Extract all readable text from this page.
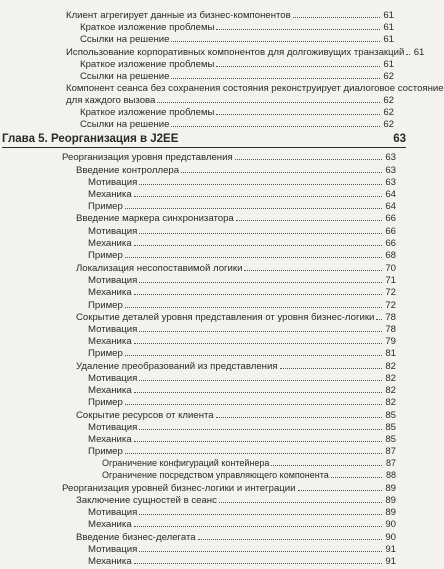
Клиент агрегирует данные из бизнес-компонентов	61
Краткое изложение проблемы	61
Ссылки на решение	61
Использование корпоративных компонентов для долгоживущих транзакций 61
Краткое изложение проблемы	61
Ссылки на решение	62
Компонент сеанса без сохранения состояния реконструирует диалоговое состояние
для каждого вызова	62
Краткое изложение проблемы	62
Ссылки на решение	62
Глава 5. Реорганизация в J2EE	63
Реорганизация уровня представления	63
Введение контроллера	63
Мотивация	63
Механика	64
Пример	64
Введение маркера синхронизатора	66
Мотивация	66
Механика	66
Пример	68
Локализация несопоставимой логики	70
Мотивация	71
Механика	72
Пример	72
Сокрытие деталей уровня представления от уровня бизнес-логики 78
Мотивация	78
Механика	79
Пример	81
Удаление преобразований из представления	82
Мотивация	82
Механика	82
Пример	82
Сокрытие ресурсов от клиента	85
Мотивация	85
Механика	85
Пример	87
Ограничение конфигураций контейнера	87
Ограничение посредством управляющего компонента	88
Реорганизация уровней бизнес-логики и интеграции	89
Заключение сущностей в сеанс	89
Мотивация	89
Механика	90
Введение бизнес-делегата	90
Мотивация	91
Механика	91
